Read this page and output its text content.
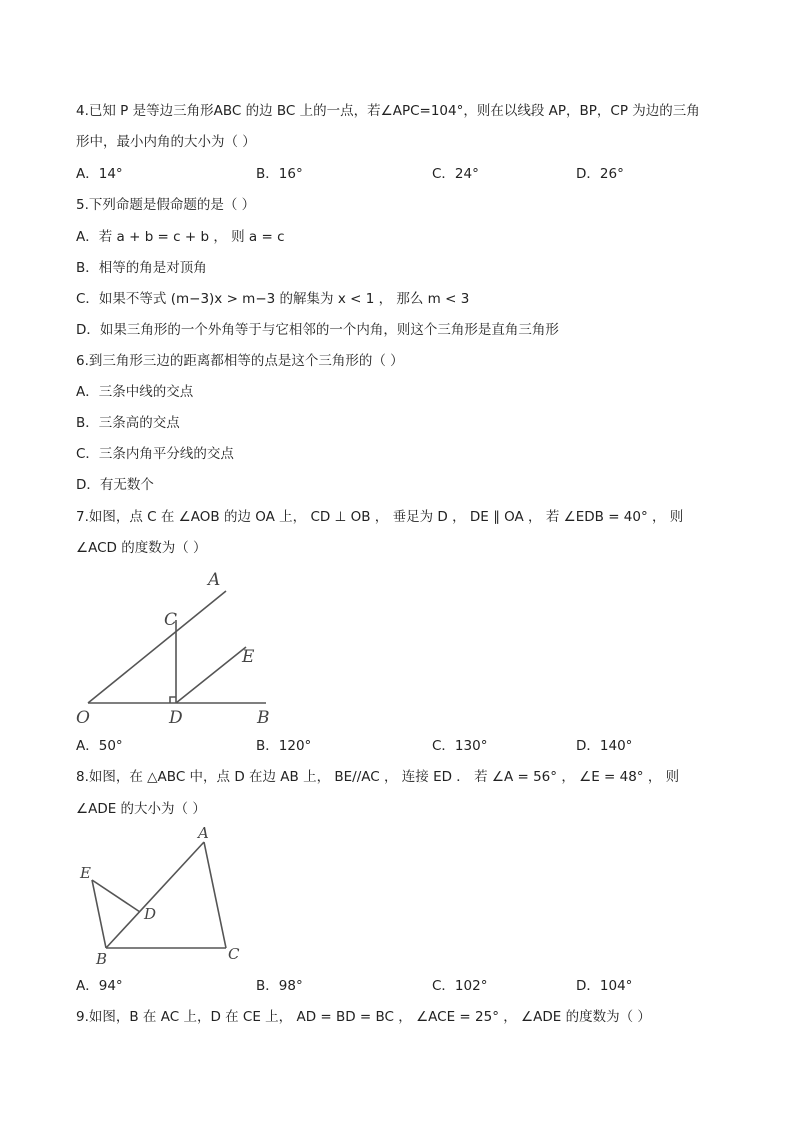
4.已知 P 是等边三角形ABC 的边 BC 上的一点，若∠APC=104°，则在以线段 AP，BP，CP 为边的三角
形中，最小内角的大小为（ ）
A．14°	B．16°	C．24°	D．26°
5.下列命题是假命题的是（ ）
A．若 a + b = c + b ， 则 a = c
B．相等的角是对顶角
C．如果不等式 (m−3)x > m−3 的解集为 x < 1 ， 那么 m < 3
D．如果三角形的一个外角等于与它相邻的一个内角，则这个三角形是直角三角形
6.到三角形三边的距离都相等的点是这个三角形的（ ）
A．三条中线的交点
B．三条高的交点
C．三条内角平分线的交点
D．有无数个
7.如图，点 C 在 ∠AOB 的边 OA 上， CD ⊥ OB ， 垂足为 D ， DE ∥ OA ， 若 ∠EDB = 40° ， 则
∠ACD 的度数为（ ）
A
C
E
O	D	B
A．50°	B．120°	C．130°	D．140°
8.如图，在 △ABC 中，点 D 在边 AB 上， BE//AC ， 连接 ED ． 若 ∠A = 56° ， ∠E = 48° ， 则
∠ADE 的大小为（ ）
A
E
D
B	C
A．94°	B．98°	C．102°	D．104°
9.如图，B 在 AC 上，D 在 CE 上， AD = BD = BC ， ∠ACE = 25° ， ∠ADE 的度数为（ ）
